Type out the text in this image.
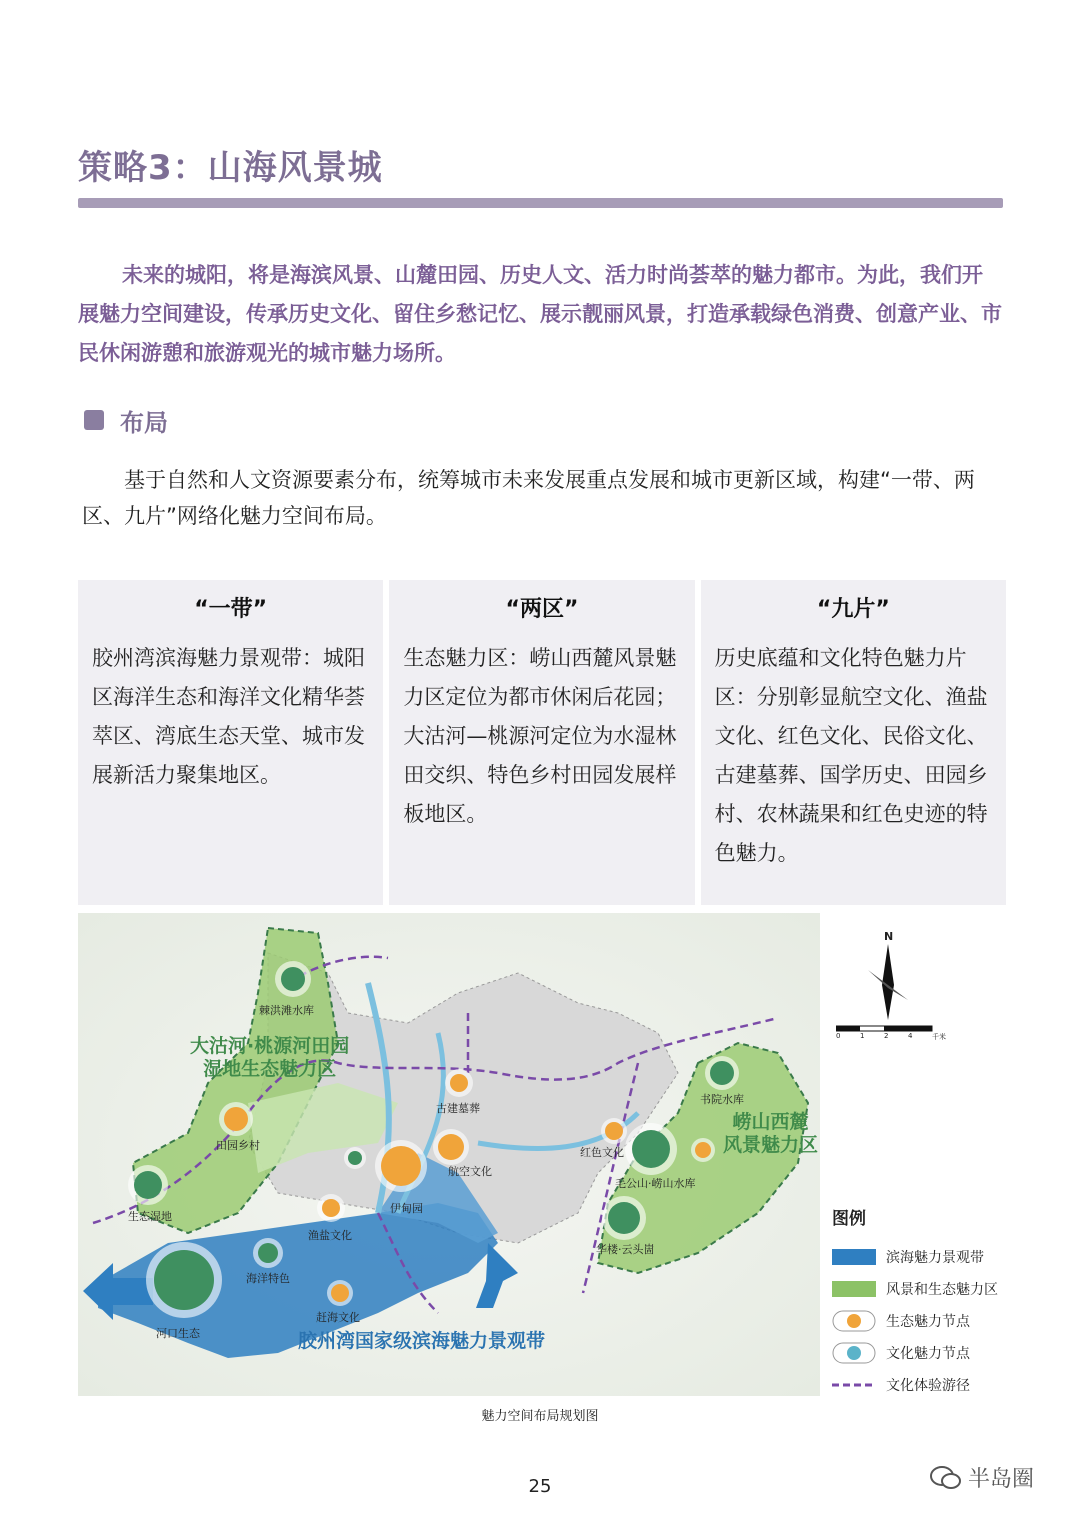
策略3：山海风景城
未来的城阳，将是海滨风景、山麓田园、历史人文、活力时尚荟萃的魅力都市。为此，我们开展魅力空间建设，传承历史文化、留住乡愁记忆、展示靓丽风景，打造承载绿色消费、创意产业、市民休闲游憩和旅游观光的城市魅力场所。
布局
基于自然和人文资源要素分布，统筹城市未来发展重点发展和城市更新区域，构建“一带、两区、九片”网络化魅力空间布局。
“一带”
胶州湾滨海魅力景观带：城阳区海洋生态和海洋文化精华荟萃区、湾底生态天堂、城市发展新活力聚集地区。
“两区”
生态魅力区：崂山西麓风景魅力区定位为都市休闲后花园；大沽河—桃源河定位为水湿林田交织、特色乡村田园发展样板地区。
“九片”
历史底蕴和文化特色魅力片区：分别彰显航空文化、渔盐文化、红色文化、民俗文化、古建墓葬、国学历史、田园乡村、农林蔬果和红色史迹的特色魅力。
棘洪滩水库
古建墓葬
田园乡村
航空文化
伊甸园
生态湿地
渔盐文化
海洋特色
赶海文化
河口生态
红色文化
书院水库
毛公山·崂山水库
华楼·云头崮
大沽河·桃源河田园
湿地生态魅力区
崂山西麓
风景魅力区
胶州湾国家级滨海魅力景观带
N
0	1	2	4	千米
图例
滨海魅力景观带
风景和生态魅力区
生态魅力节点
文化魅力节点
文化体验游径
魅力空间布局规划图
25	半岛圈
